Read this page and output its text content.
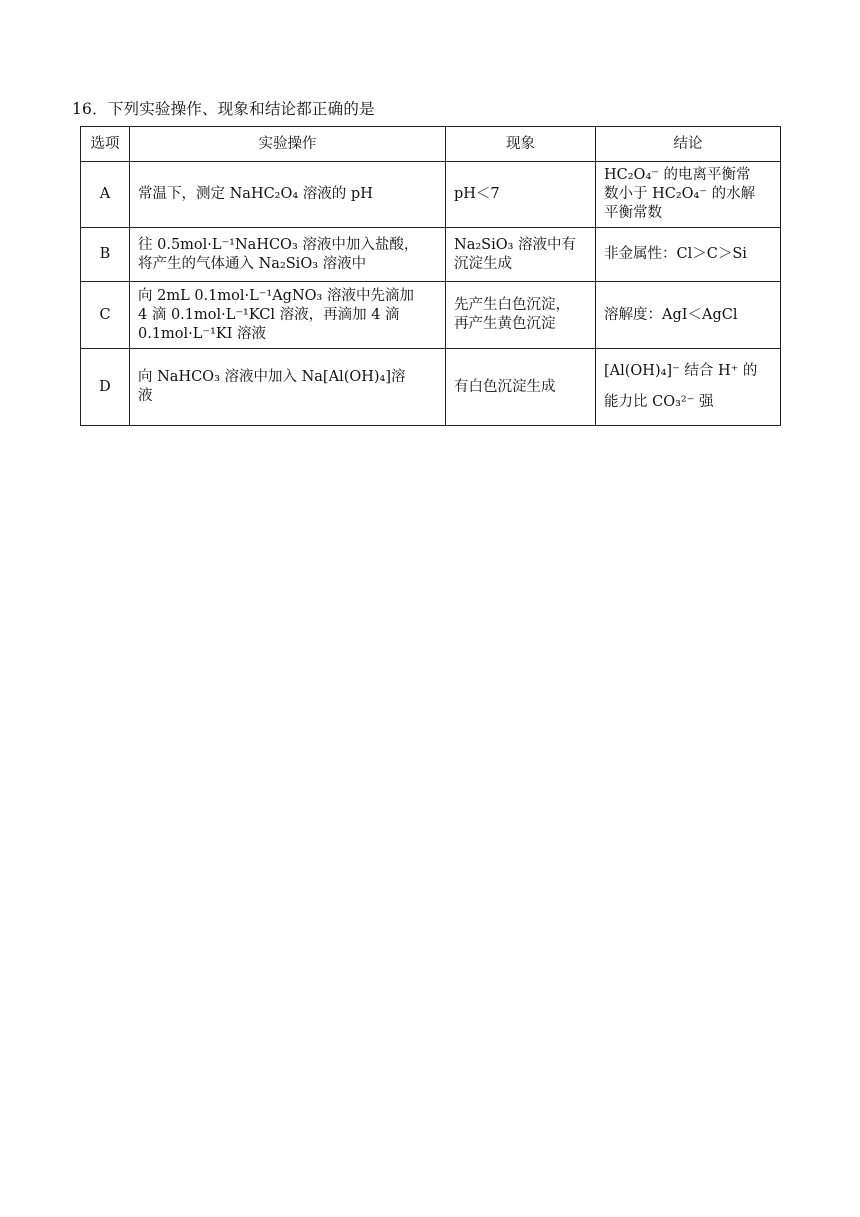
16．下列实验操作、现象和结论都正确的是
选项	实验操作	现象	结论
A	常温下，测定 NaHC₂O₄ 溶液的 pH	pH＜7	HC₂O₄⁻ 的电离平衡常
数小于 HC₂O₄⁻ 的水解
平衡常数

B	往 0.5mol·L⁻¹NaHCO₃ 溶液中加入盐酸，
将产生的气体通入 Na₂SiO₃ 溶液中	Na₂SiO₃ 溶液中有
沉淀生成	非金属性：Cl＞C＞Si
C	向 2mL 0.1mol·L⁻¹AgNO₃ 溶液中先滴加
4 滴 0.1mol·L⁻¹KCl 溶液，再滴加 4 滴
0.1mol·L⁻¹KI 溶液	先产生白色沉淀，
再产生黄色沉淀	溶解度：AgI＜AgCl
D	向 NaHCO₃ 溶液中加入 Na[Al(OH)₄]溶
液	有白色沉淀生成	[Al(OH)₄]⁻ 结合 H⁺ 的
能力比 CO₃²⁻ 强
